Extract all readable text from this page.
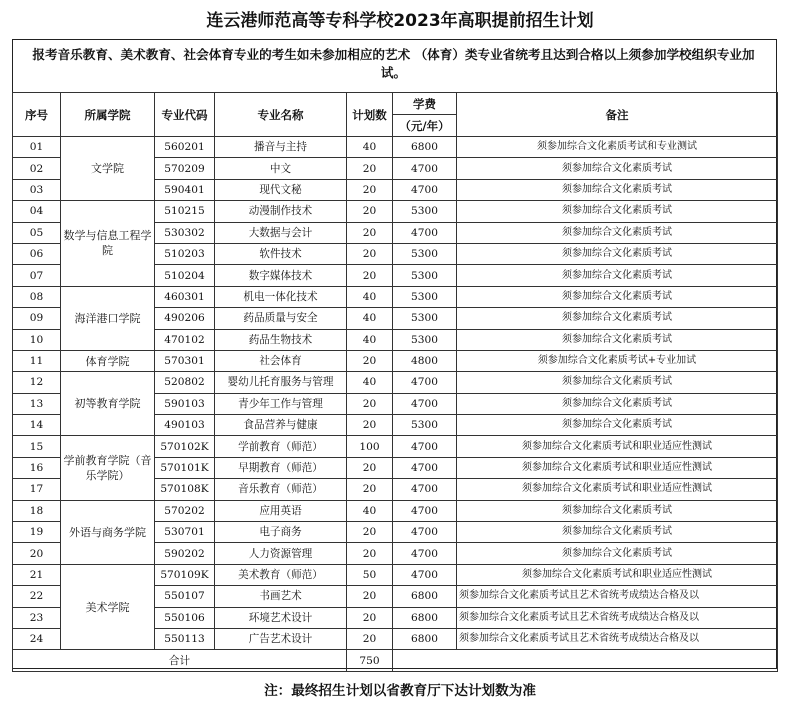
连云港师范高等专科学校2023年高职提前招生计划
报考音乐教育、美术教育、社会体育专业的考生如未参加相应的艺术 （体育）类专业省统考且达到合格以上须参加学校组织专业加试。
序号	所属学院	专业代码	专业名称	计划数	学费	备注
					（元/年）	
01	文学院	560201	播音与主持	40	6800	须参加综合文化素质考试和专业测试
02		570209	中文	20	4700	须参加综合文化素质考试
03		590401	现代文秘	20	4700	须参加综合文化素质考试
04	数学与信息工程学院	510215	动漫制作技术	20	5300	须参加综合文化素质考试
05		530302	大数据与会计	20	4700	须参加综合文化素质考试
06		510203	软件技术	20	5300	须参加综合文化素质考试
07		510204	数字媒体技术	20	5300	须参加综合文化素质考试
08	海洋港口学院	460301	机电一体化技术	40	5300	须参加综合文化素质考试
09		490206	药品质量与安全	40	5300	须参加综合文化素质考试
10		470102	药品生物技术	40	5300	须参加综合文化素质考试
11	体育学院	570301	社会体育	20	4800	须参加综合文化素质考试+专业加试
12	初等教育学院	520802	婴幼儿托育服务与管理	40	4700	须参加综合文化素质考试
13		590103	青少年工作与管理	20	4700	须参加综合文化素质考试
14		490103	食品营养与健康	20	5300	须参加综合文化素质考试
15	学前教育学院（音乐学院）	570102K	学前教育（师范）	100	4700	须参加综合文化素质考试和职业适应性测试
16		570101K	早期教育（师范）	20	4700	须参加综合文化素质考试和职业适应性测试
17		570108K	音乐教育（师范）	20	4700	须参加综合文化素质考试和职业适应性测试
18	外语与商务学院	570202	应用英语	40	4700	须参加综合文化素质考试
19		530701	电子商务	20	4700	须参加综合文化素质考试
20		590202	人力资源管理	20	4700	须参加综合文化素质考试
21	美术学院	570109K	美术教育（师范）	50	4700	须参加综合文化素质考试和职业适应性测试
22		550107	书画艺术	20	6800	须参加综合文化素质考试且艺术省统考成绩达合格及以
23		550106	环境艺术设计	20	6800	须参加综合文化素质考试且艺术省统考成绩达合格及以
24		550113	广告艺术设计	20	6800	须参加综合文化素质考试且艺术省统考成绩达合格及以
合计				750		
注：最终招生计划以省教育厅下达计划数为准
